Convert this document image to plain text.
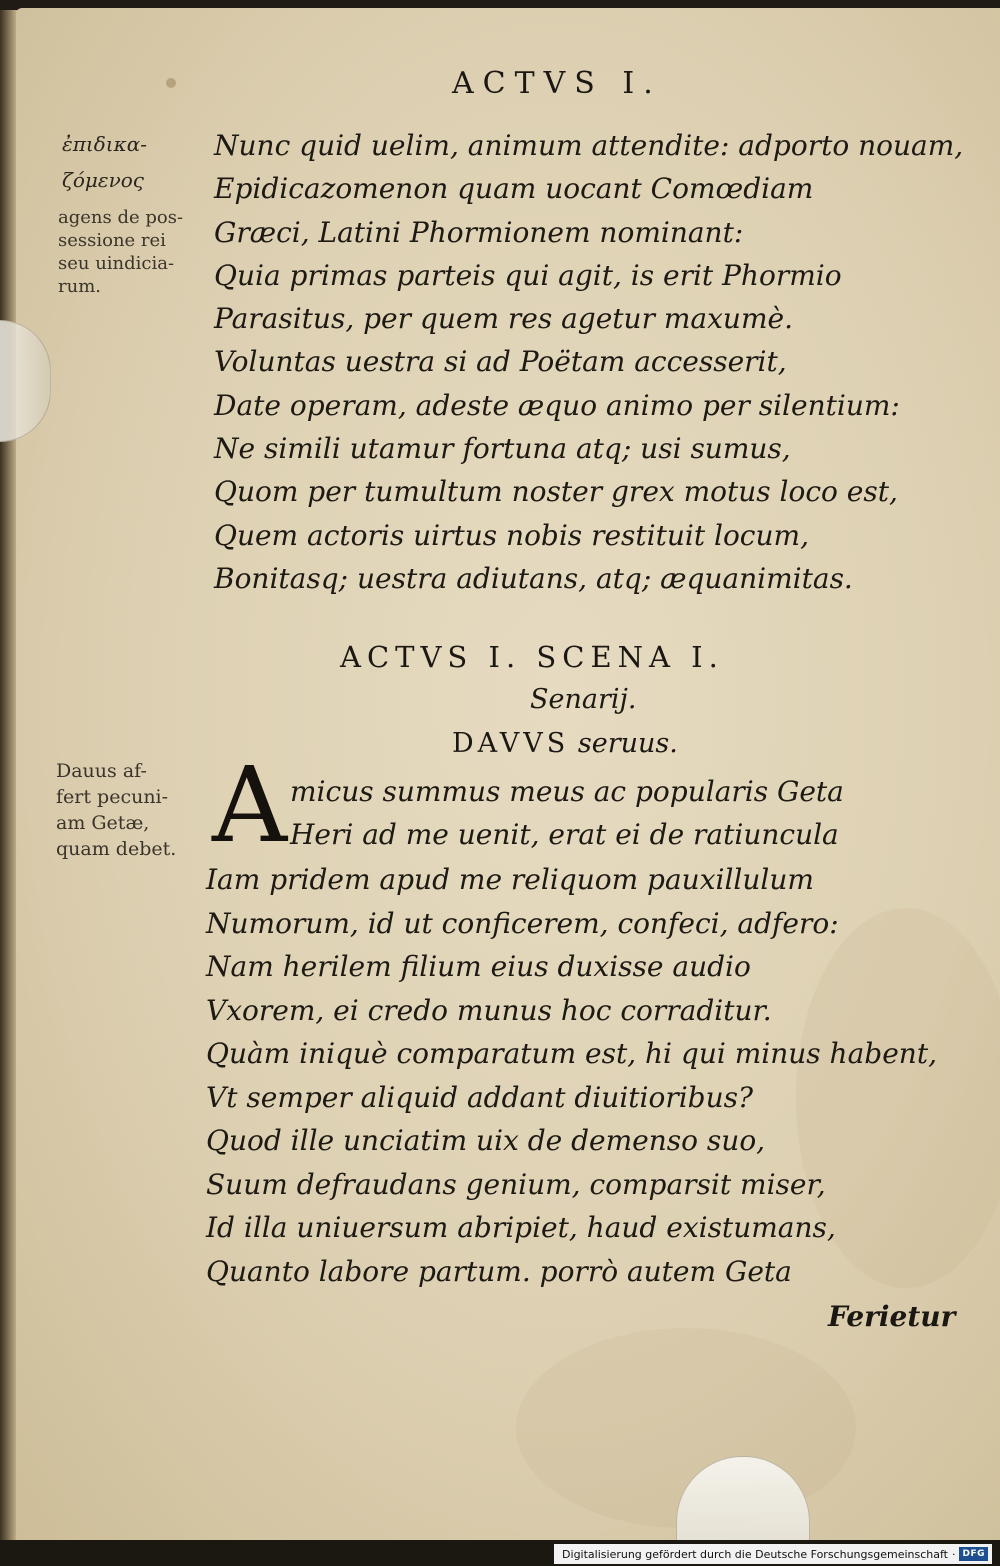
ACTVS I.
ἐπιδικα-
ζόμενος
agens de pos-
sessione rei
seu uindicia-
rum.
Nunc quid uelim, animum attendite: adporto nouam,
Epidicazomenon quam uocant Comœdiam
Græci, Latini Phormionem nominant:
Quia primas parteis qui agit, is erit Phormio
Parasitus, per quem res agetur maxumè.
Voluntas uestra si ad Poëtam accesserit,
Date operam, adeste æquo animo per silentium:
Ne simili utamur fortuna atq; usi sumus,
Quom per tumultum noster grex motus loco est,
Quem actoris uirtus nobis restituit locum,
Bonitasq; uestra adiutans, atq; æquanimitas.
ACTVS I. SCENA I.
Senarij.
DAVVS seruus.
Dauus af-
fert pecuni-
am Getæ,
quam debet. A micus summus meus ac popularis Geta
Heri ad me uenit, erat ei de ratiuncula
Iam pridem apud me reliquom pauxillulum
Numorum, id ut conficerem, confeci, adfero:
Nam herilem filium eius duxisse audio
Vxorem, ei credo munus hoc corraditur.
Quàm iniquè comparatum est, hi qui minus habent,
Vt semper aliquid addant diuitioribus?
Quod ille unciatim uix de demenso suo,
Suum defraudans genium, comparsit miser,
Id illa uniuersum abripiet, haud existumans,
Quanto labore partum. porrò autem Geta
Ferietur
Digitalisierung gefördert durch die Deutsche Forschungsgemeinschaft · DFG
